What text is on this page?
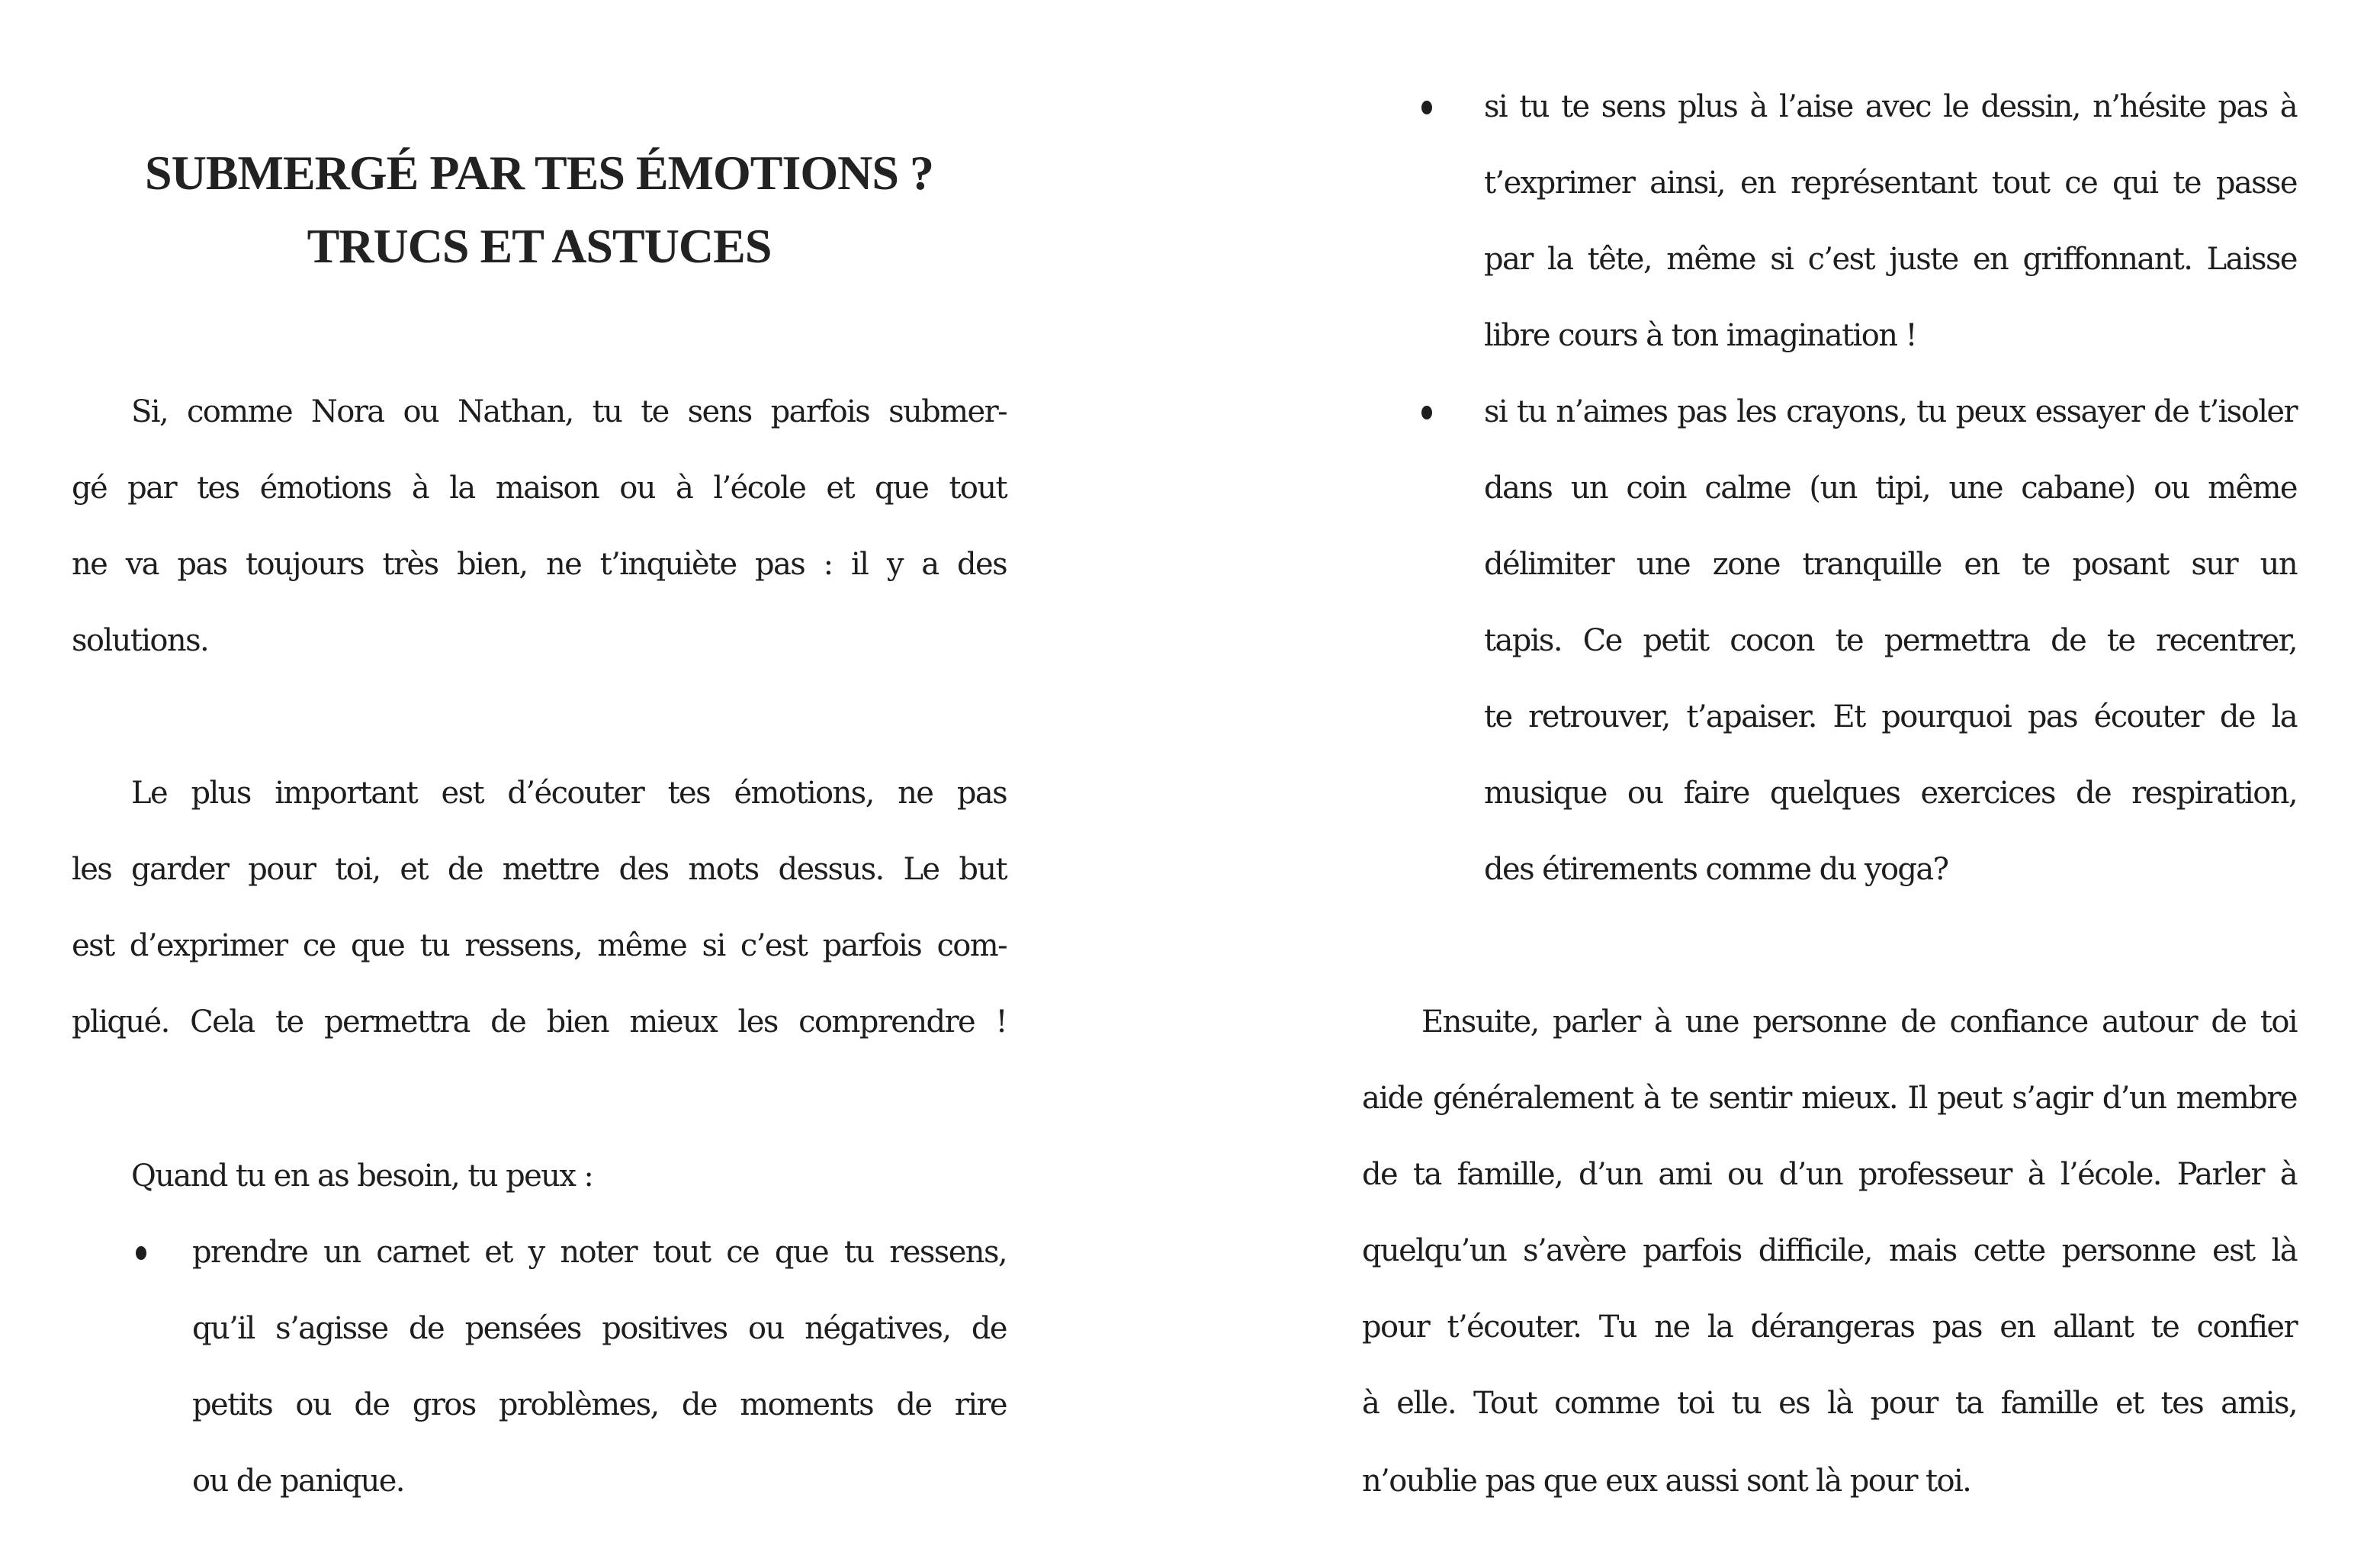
SUBMERGÉ PAR TES ÉMOTIONS ?
TRUCS ET ASTUCES
Si, comme Nora ou Nathan, tu te sens parfois submer-
gé par tes émotions à la maison ou à l’école et que tout
ne va pas toujours très bien, ne t’inquiète pas : il y a des
solutions.
Le plus important est d’écouter tes émotions, ne pas
les garder pour toi, et de mettre des mots dessus. Le but
est d’exprimer ce que tu ressens, même si c’est parfois com-
pliqué. Cela te permettra de bien mieux les comprendre !
Quand tu en as besoin, tu peux :
prendre un carnet et y noter tout ce que tu ressens,
qu’il s’agisse de pensées positives ou négatives, de
petits ou de gros problèmes, de moments de rire
ou de panique.
si tu te sens plus à l’aise avec le dessin, n’hésite pas à
t’exprimer ainsi, en représentant tout ce qui te passe
par la tête, même si c’est juste en griffonnant. Laisse
libre cours à ton imagination !
si tu n’aimes pas les crayons, tu peux essayer de t’isoler
dans un coin calme (un tipi, une cabane) ou même
délimiter une zone tranquille en te posant sur un
tapis. Ce petit cocon te permettra de te recentrer,
te retrouver, t’apaiser. Et pourquoi pas écouter de la
musique ou faire quelques exercices de respiration,
des étirements comme du yoga?
Ensuite, parler à une personne de confiance autour de toi
aide généralement à te sentir mieux. Il peut s’agir d’un membre
de ta famille, d’un ami ou d’un professeur à l’école. Parler à
quelqu’un s’avère parfois difficile, mais cette personne est là
pour t’écouter. Tu ne la dérangeras pas en allant te confier
à elle. Tout comme toi tu es là pour ta famille et tes amis,
n’oublie pas que eux aussi sont là pour toi.
